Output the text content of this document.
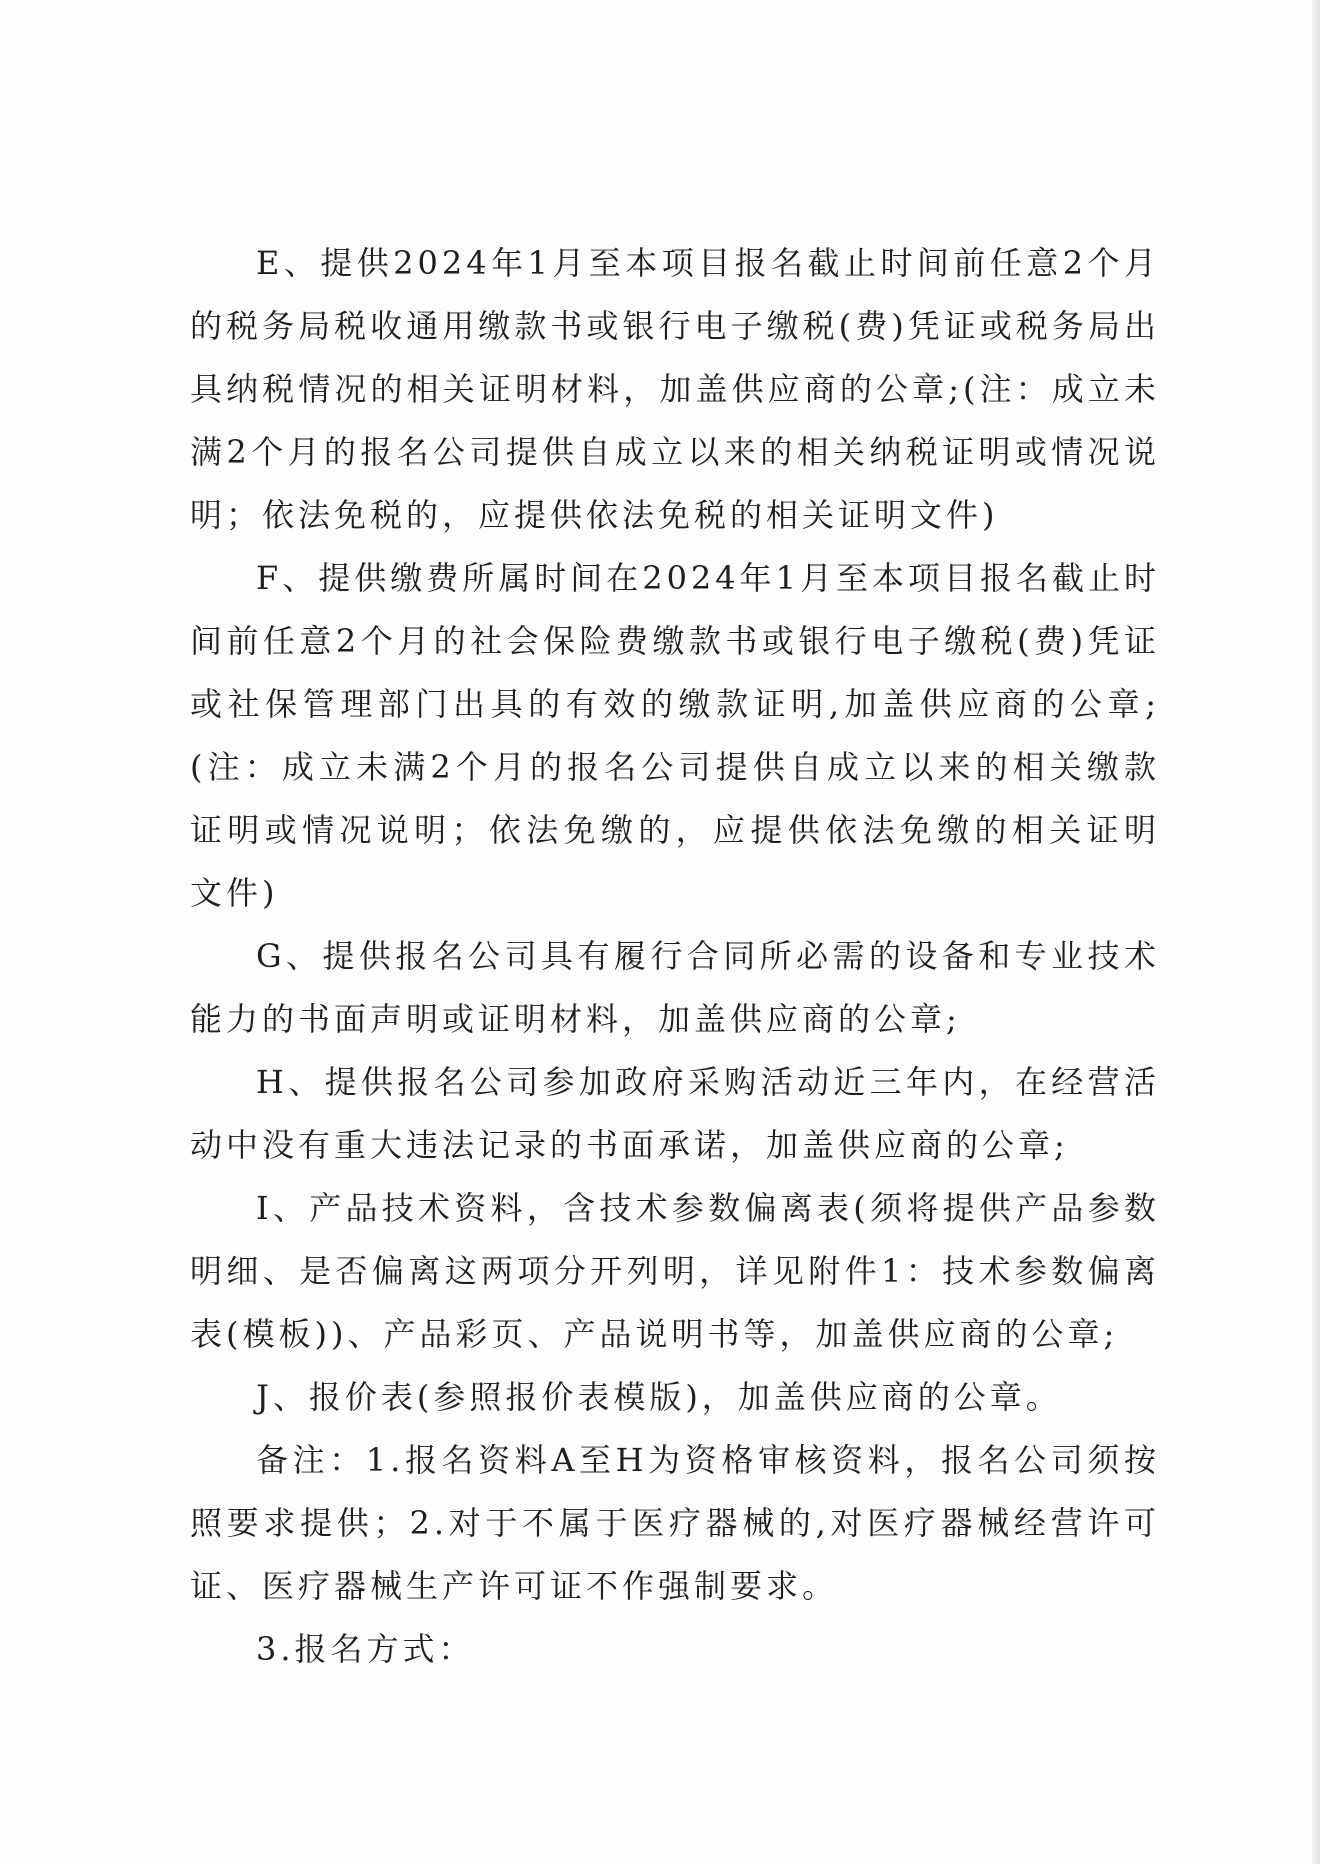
E、提供2024年1月至本项目报名截止时间前任意2个月的税务局税收通用缴款书或银行电子缴税(费)凭证或税务局出具纳税情况的相关证明材料，加盖供应商的公章;(注：成立未满2个月的报名公司提供自成立以来的相关纳税证明或情况说明；依法免税的，应提供依法免税的相关证明文件)

F、提供缴费所属时间在2024年1月至本项目报名截止时间前任意2个月的社会保险费缴款书或银行电子缴税(费)凭证或社保管理部门出具的有效的缴款证明,加盖供应商的公章;(注：成立未满2个月的报名公司提供自成立以来的相关缴款证明或情况说明；依法免缴的，应提供依法免缴的相关证明文件)

G、提供报名公司具有履行合同所必需的设备和专业技术能力的书面声明或证明材料，加盖供应商的公章;

H、提供报名公司参加政府采购活动近三年内，在经营活动中没有重大违法记录的书面承诺，加盖供应商的公章;

I、产品技术资料，含技术参数偏离表(须将提供产品参数明细、是否偏离这两项分开列明，详见附件1：技术参数偏离表(模板))、产品彩页、产品说明书等，加盖供应商的公章;

J、报价表(参照报价表模版)，加盖供应商的公章。

备注：1.报名资料A至H为资格审核资料，报名公司须按照要求提供；2.对于不属于医疗器械的,对医疗器械经营许可证、医疗器械生产许可证不作强制要求。

3.报名方式：
